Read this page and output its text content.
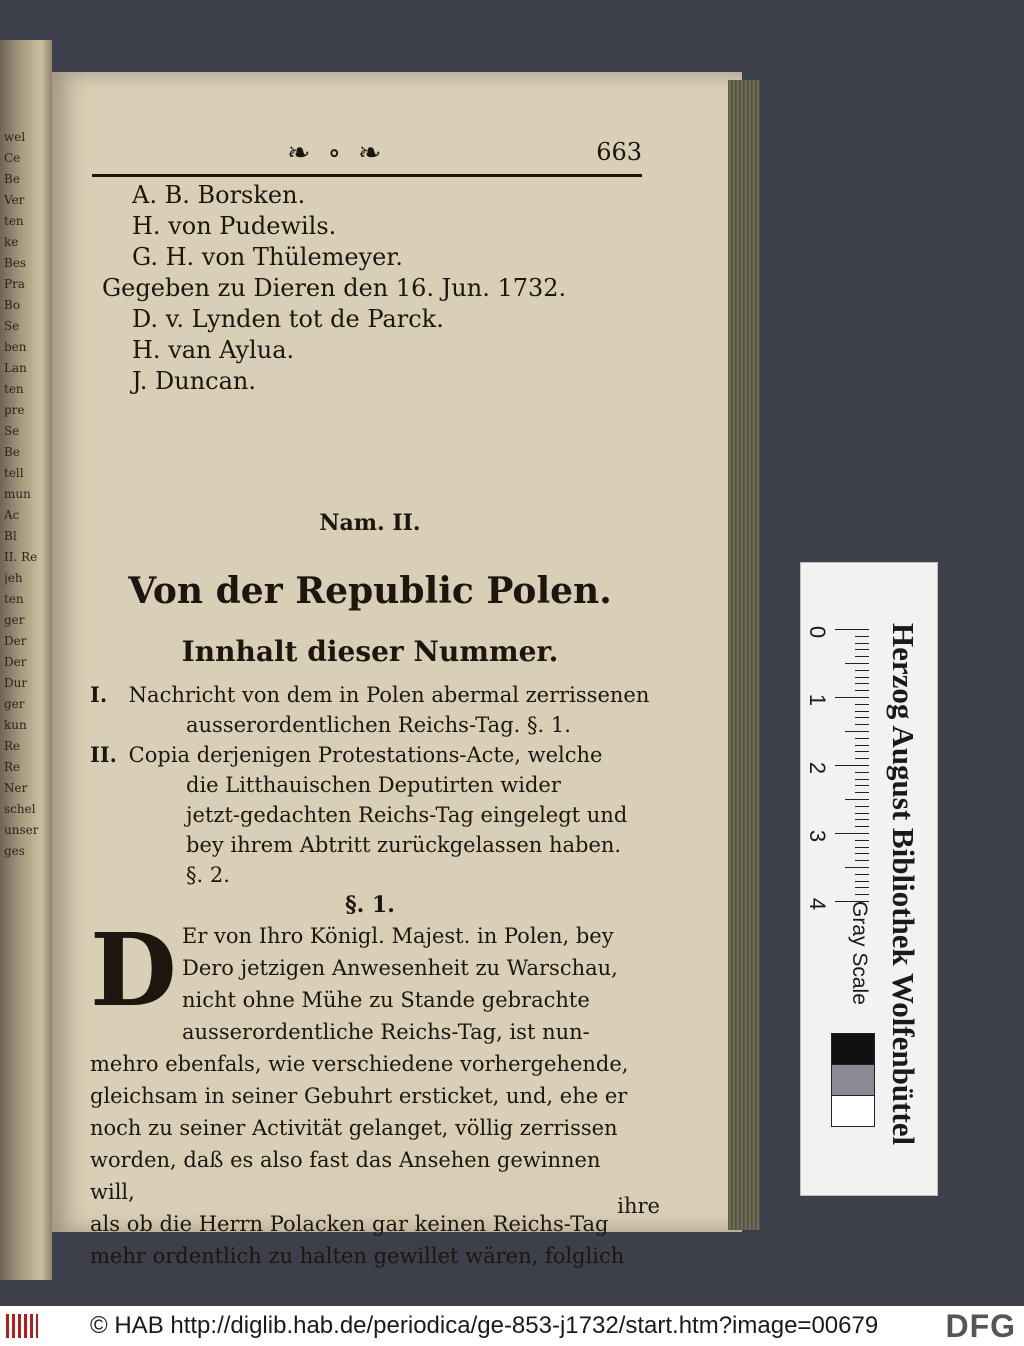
wel
Ce
Be
Ver
ten
ke
Bes
Pra
Bo
Se
ben
Lan
ten
pre
Se
Be
tell
mun
Ac
Bl
II. Re
jeh
ten
ger
Der
Der
Dur
ger
kun
Re
Re
Ner
schel
unser
ges
❧ ∘ ❧	663
A. B. Borsken.
H. von Pudewils.
G. H. von Thülemeyer.
Gegeben zu Dieren den 16. Jun. 1732.
D. v. Lynden tot de Parck.
H. van Aylua.
J. Duncan.
Nam. II.
Von der Republic Polen.
Innhalt dieser Nummer.
I. Nachricht von dem in Polen abermal zerrissenen
ausserordentlichen Reichs-Tag. §. 1.
II. Copia derjenigen Protestations-Acte, welche
die Litthauischen Deputirten wider
jetzt-gedachten Reichs-Tag eingelegt und
bey ihrem Abtritt zurückgelassen haben.
§. 2.
§. 1.
D Er von Ihro Königl. Majest. in Polen, bey
Dero jetzigen Anwesenheit zu Warschau,
nicht ohne Mühe zu Stande gebrachte
ausserordentliche Reichs-Tag, ist nun-
mehro ebenfals, wie verschiedene vorhergehende,
gleichsam in seiner Gebuhrt ersticket, und, ehe er
noch zu seiner Activität gelanget, völlig zerrissen
worden, daß es also fast das Ansehen gewinnen will,
als ob die Herrn Polacken gar keinen Reichs-Tag
mehr ordentlich zu halten gewillet wären, folglich
ihre
0
1
2
3
4 Herzog August Bibliothek Wolfenbüttel
Gray Scale
© HAB http://diglib.hab.de/periodica/ge-853-j1732/start.htm?image=00679 DFG
